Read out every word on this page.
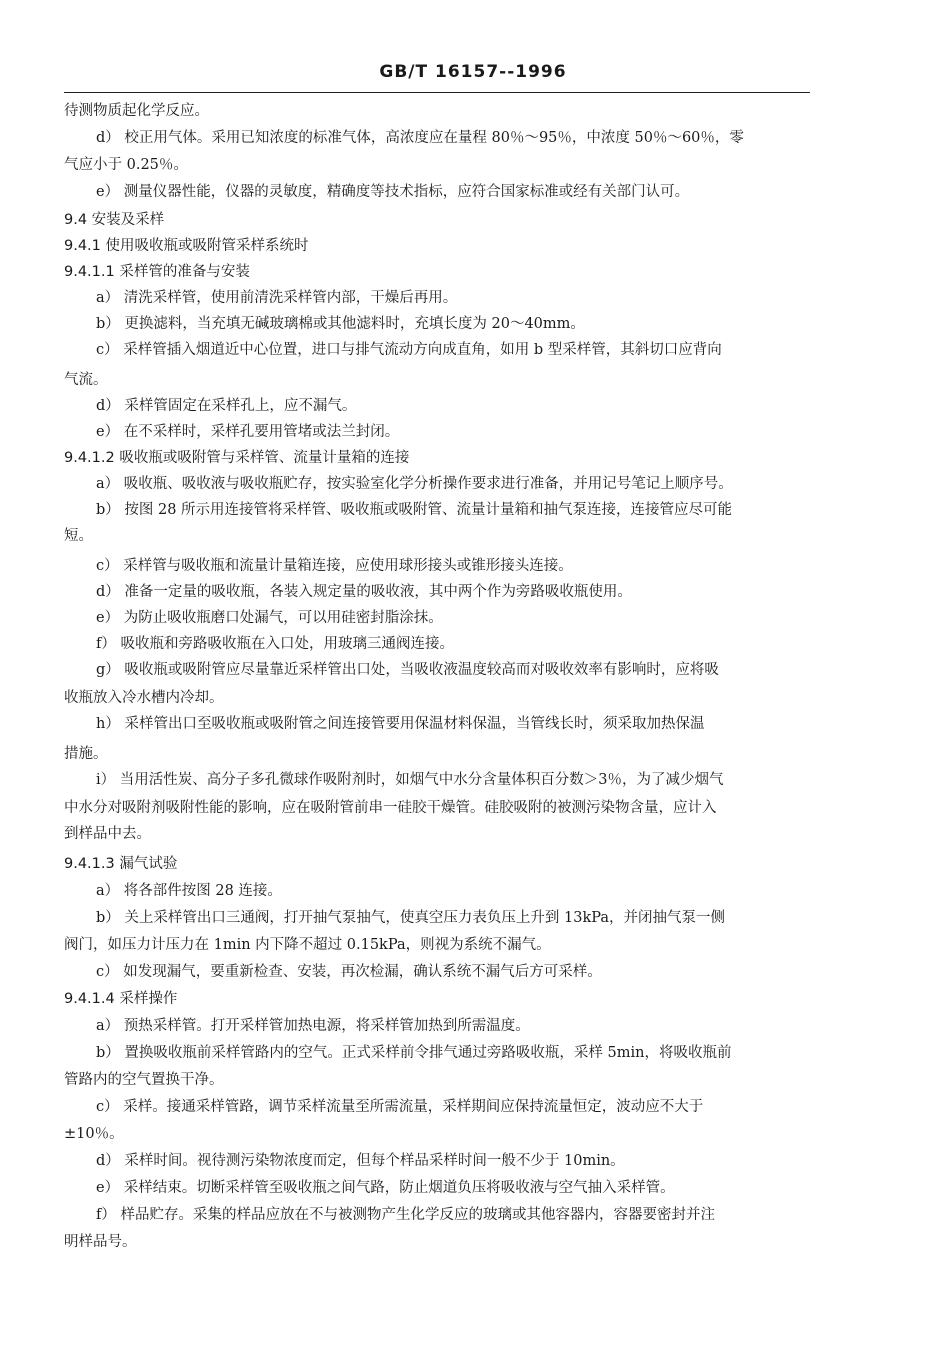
GB/T 16157--1996
待测物质起化学反应。
d） 校正用气体。采用已知浓度的标准气体，高浓度应在量程 80％～95％，中浓度 50％～60％，零
气应小于 0.25％。
e） 测量仪器性能，仪器的灵敏度，精确度等技术指标，应符合国家标准或经有关部门认可。
9.4 安装及采样
9.4.1 使用吸收瓶或吸附管采样系统时
9.4.1.1 采样管的准备与安装
a） 清洗采样管，使用前清洗采样管内部，干燥后再用。
b） 更换滤料，当充填无碱玻璃棉或其他滤料时，充填长度为 20～40mm。
c） 采样管插入烟道近中心位置，进口与排气流动方向成直角，如用 b 型采样管，其斜切口应背向
气流。
d） 采样管固定在采样孔上，应不漏气。
e） 在不采样时，采样孔要用管堵或法兰封闭。
9.4.1.2 吸收瓶或吸附管与采样管、流量计量箱的连接
a） 吸收瓶、吸收液与吸收瓶贮存，按实验室化学分析操作要求进行准备，并用记号笔记上顺序号。
b） 按图 28 所示用连接管将采样管、吸收瓶或吸附管、流量计量箱和抽气泵连接，连接管应尽可能
短。
c） 采样管与吸收瓶和流量计量箱连接，应使用球形接头或锥形接头连接。
d） 准备一定量的吸收瓶，各装入规定量的吸收液，其中两个作为旁路吸收瓶使用。
e） 为防止吸收瓶磨口处漏气，可以用硅密封脂涂抹。
f） 吸收瓶和旁路吸收瓶在入口处，用玻璃三通阀连接。
g） 吸收瓶或吸附管应尽量靠近采样管出口处，当吸收液温度较高而对吸收效率有影响时，应将吸
收瓶放入冷水槽内冷却。
h） 采样管出口至吸收瓶或吸附管之间连接管要用保温材料保温，当管线长时，须采取加热保温
措施。
i） 当用活性炭、高分子多孔微球作吸附剂时，如烟气中水分含量体积百分数＞3％，为了减少烟气
中水分对吸附剂吸附性能的影响，应在吸附管前串一硅胶干燥管。硅胶吸附的被测污染物含量，应计入
到样品中去。
9.4.1.3 漏气试验
a） 将各部件按图 28 连接。
b） 关上采样管出口三通阀，打开抽气泵抽气，使真空压力表负压上升到 13kPa，并闭抽气泵一侧
阀门，如压力计压力在 1min 内下降不超过 0.15kPa，则视为系统不漏气。
c） 如发现漏气，要重新检查、安装，再次检漏，确认系统不漏气后方可采样。
9.4.1.4 采样操作
a） 预热采样管。打开采样管加热电源，将采样管加热到所需温度。
b） 置换吸收瓶前采样管路内的空气。正式采样前令排气通过旁路吸收瓶，采样 5min，将吸收瓶前
管路内的空气置换干净。
c） 采样。接通采样管路，调节采样流量至所需流量，采样期间应保持流量恒定，波动应不大于
±10％。
d） 采样时间。视待测污染物浓度而定，但每个样品采样时间一般不少于 10min。
e） 采样结束。切断采样管至吸收瓶之间气路，防止烟道负压将吸收液与空气抽入采样管。
f） 样品贮存。采集的样品应放在不与被测物产生化学反应的玻璃或其他容器内，容器要密封并注
明样品号。
